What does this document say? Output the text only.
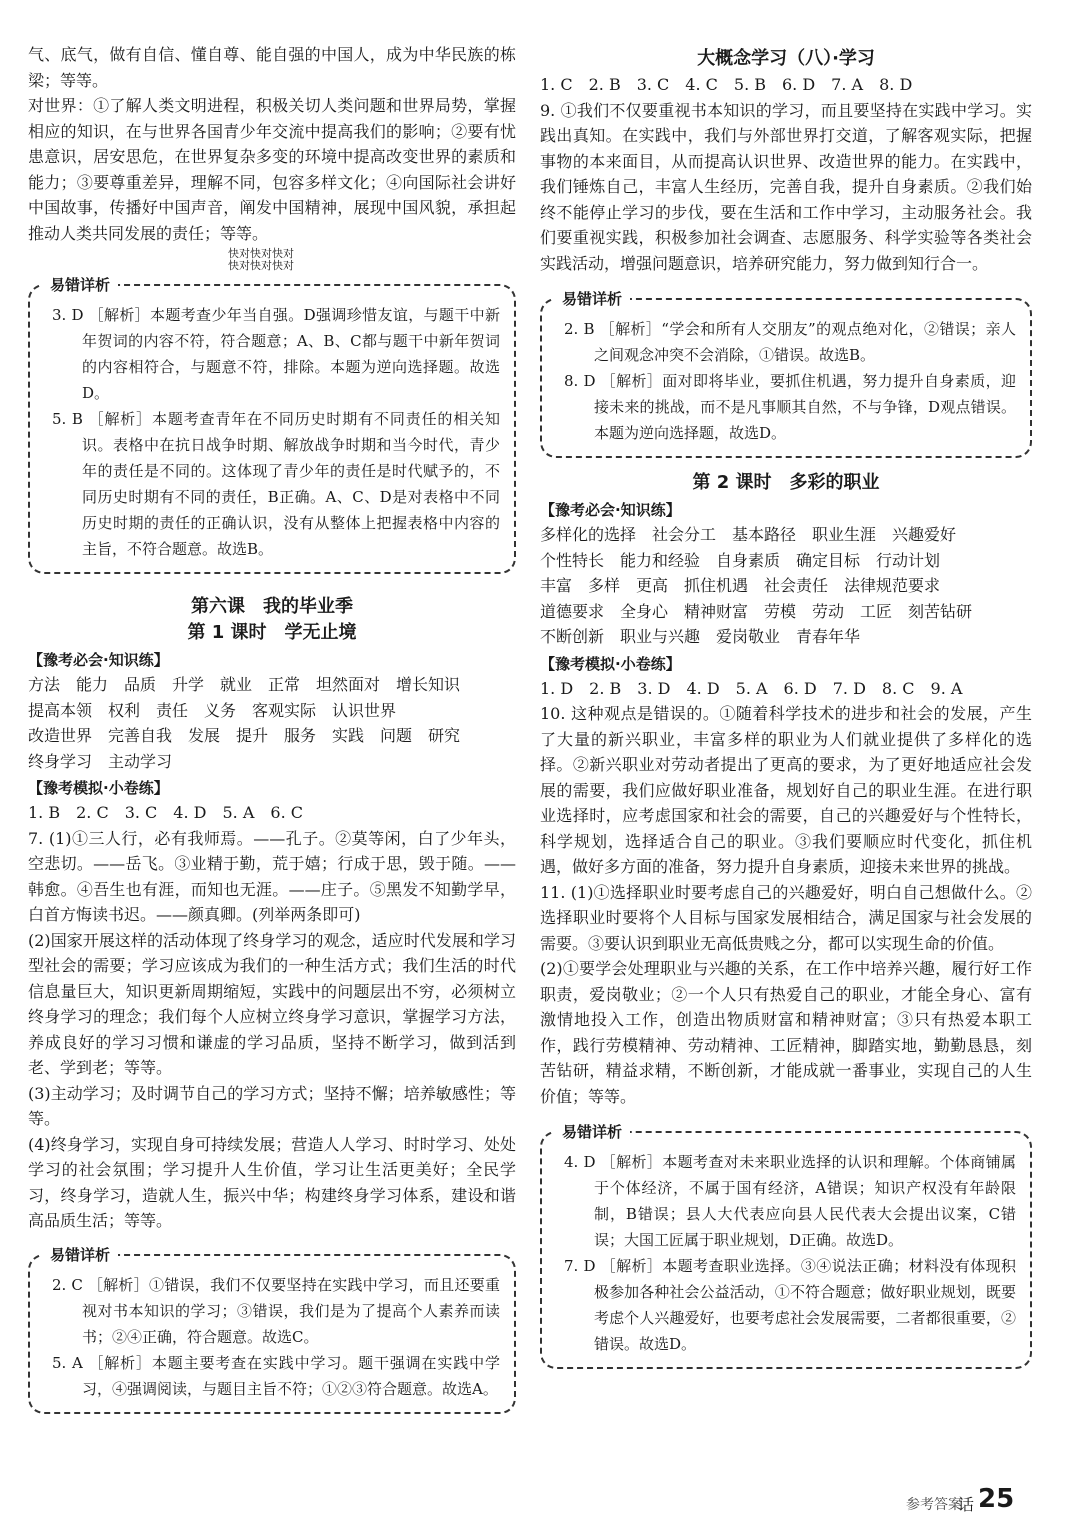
气、底气，做有自信、懂自尊、能自强的中国人，成为中华民族的栋梁；等等。

对世界：①了解人类文明进程，积极关切人类问题和世界局势，掌握相应的知识，在与世界各国青少年交流中提高我们的影响；②要有忧患意识，居安思危，在世界复杂多变的环境中提高改变世界的素质和能力；③要尊重差异，理解不同，包容多样文化；④向国际社会讲好中国故事，传播好中国声音，阐发中国精神，展现中国风貌，承担起推动人类共同发展的责任；等等。

快对快对快对
快对快对快对
易错详析

3. D ［解析］本题考查少年当自强。D强调珍惜友谊，与题干中新年贺词的内容不符，符合题意；A、B、C都与题干中新年贺词的内容相符合，与题意不符，排除。本题为逆向选择题。故选D。

5. B ［解析］本题考查青年在不同历史时期有不同责任的相关知识。表格中在抗日战争时期、解放战争时期和当今时代，青少年的责任是不同的。这体现了青少年的责任是时代赋予的，不同历史时期有不同的责任，B正确。A、C、D是对表格中不同历史时期的责任的正确认识，没有从整体上把握表格中内容的主旨，不符合题意。故选B。

第六课　我的毕业季
第 1 课时　学无止境
【豫考必会·知识练】
方法　能力　品质　升学　就业　正常　坦然面对　增长知识
提高本领　权利　责任　义务　客观实际　认识世界
改造世界　完善自我　发展　提升　服务　实践　问题　研究
终身学习　主动学习
【豫考模拟·小卷练】
1. B　2. C　3. C　4. D　5. A　6. C

7. (1)①三人行，必有我师焉。——孔子。②莫等闲，白了少年头，空悲切。——岳飞。③业精于勤，荒于嬉；行成于思，毁于随。——韩愈。④吾生也有涯，而知也无涯。——庄子。⑤黑发不知勤学早，白首方悔读书迟。——颜真卿。(列举两条即可)

(2)国家开展这样的活动体现了终身学习的观念，适应时代发展和学习型社会的需要；学习应该成为我们的一种生活方式；我们生活的时代信息量巨大，知识更新周期缩短，实践中的问题层出不穷，必须树立终身学习的理念；我们每个人应树立终身学习意识，掌握学习方法，养成良好的学习习惯和谦虚的学习品质，坚持不断学习，做到活到老、学到老；等等。

(3)主动学习；及时调节自己的学习方式；坚持不懈；培养敏感性；等等。

(4)终身学习，实现自身可持续发展；营造人人学习、时时学习、处处学习的社会氛围；学习提升人生价值，学习让生活更美好；全民学习，终身学习，造就人生，振兴中华；构建终身学习体系，建设和谐高品质生活；等等。

易错详析

2. C ［解析］①错误，我们不仅要坚持在实践中学习，而且还要重视对书本知识的学习；③错误，我们是为了提高个人素养而读书；②④正确，符合题意。故选C。

5. A ［解析］本题主要考查在实践中学习。题干强调在实践中学习，④强调阅读，与题目主旨不符；①②③符合题意。故选A。

大概念学习（八）·学习
1. C　2. B　3. C　4. C　5. B　6. D　7. A　8. D

9. ①我们不仅要重视书本知识的学习，而且要坚持在实践中学习。实践出真知。在实践中，我们与外部世界打交道，了解客观实际，把握事物的本来面目，从而提高认识世界、改造世界的能力。在实践中，我们锤炼自己，丰富人生经历，完善自我，提升自身素质。②我们始终不能停止学习的步伐，要在生活和工作中学习，主动服务社会。我们要重视实践，积极参加社会调查、志愿服务、科学实验等各类社会实践活动，增强问题意识，培养研究能力，努力做到知行合一。

易错详析

2. B ［解析］“学会和所有人交朋友”的观点绝对化，②错误；亲人之间观念冲突不会消除，①错误。故选B。

8. D ［解析］面对即将毕业，要抓住机遇，努力提升自身素质，迎接未来的挑战，而不是凡事顺其自然，不与争锋，D观点错误。本题为逆向选择题，故选D。

第 2 课时　多彩的职业
【豫考必会·知识练】
多样化的选择　社会分工　基本路径　职业生涯　兴趣爱好
个性特长　能力和经验　自身素质　确定目标　行动计划
丰富　多样　更高　抓住机遇　社会责任　法律规范要求
道德要求　全身心　精神财富　劳模　劳动　工匠　刻苦钻研
不断创新　职业与兴趣　爱岗敬业　青春年华
【豫考模拟·小卷练】
1. D　2. B　3. D　4. D　5. A　6. D　7. D　8. C　9. A

10. 这种观点是错误的。①随着科学技术的进步和社会的发展，产生了大量的新兴职业，丰富多样的职业为人们就业提供了多样化的选择。②新兴职业对劳动者提出了更高的要求，为了更好地适应社会发展的需要，我们应做好职业准备，规划好自己的职业生涯。在进行职业选择时，应考虑国家和社会的需要，自己的兴趣爱好与个性特长，科学规划，选择适合自己的职业。③我们要顺应时代变化，抓住机遇，做好多方面的准备，努力提升自身素质，迎接未来世界的挑战。

11. (1)①选择职业时要考虑自己的兴趣爱好，明白自己想做什么。②选择职业时要将个人目标与国家发展相结合，满足国家与社会发展的需要。③要认识到职业无高低贵贱之分，都可以实现生命的价值。

(2)①要学会处理职业与兴趣的关系，在工作中培养兴趣，履行好工作职责，爱岗敬业；②一个人只有热爱自己的职业，才能全身心、富有激情地投入工作，创造出物质财富和精神财富；③只有热爱本职工作，践行劳模精神、劳动精神、工匠精神，脚踏实地，勤勤恳恳，刻苦钻研，精益求精，不断创新，才能成就一番事业，实现自己的人生价值；等等。

易错详析

4. D ［解析］本题考查对未来职业选择的认识和理解。个体商铺属于个体经济，不属于国有经济，A错误；知识产权没有年龄限制，B错误；县人大代表应向县人民代表大会提出议案，C错误；大国工匠属于职业规划，D正确。故选D。

7. D ［解析］本题考查职业选择。③④说法正确；材料没有体现积极参加各种社会公益活动，①不符合题意；做好职业规划，既要考虑个人兴趣爱好，也要考虑社会发展需要，二者都很重要，②错误。故选D。

参考答案
话 25
